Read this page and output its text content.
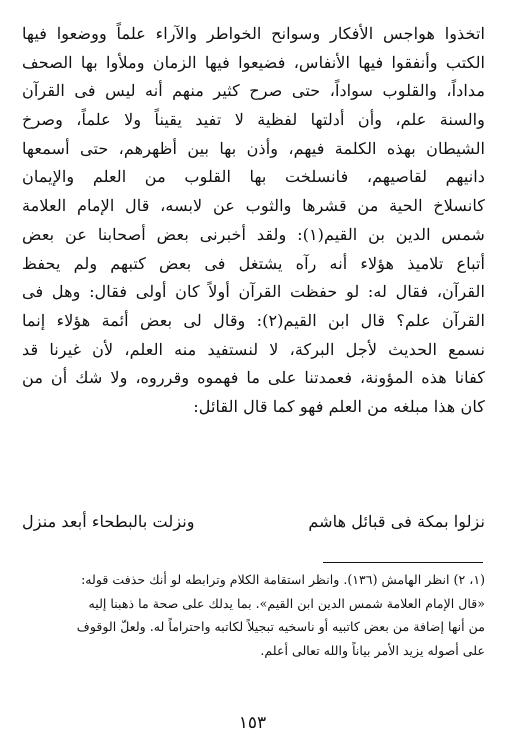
اتخذوا هواجس الأفكار وسوانح الخواطر والآراء علماً ووضعوا فيها
الكتب وأنفقوا فيها الأنفاس، فضيعوا فيها الزمان وملأوا بها الصحف
مداداً، والقلوب سواداً، حتى صرح كثير منهم أنه ليس فى القرآن
والسنة علم، وأن أدلتها لفظية لا تفيد يقيناً ولا علماً، وصرخ
الشيطان بهذه الكلمة فيهم، وأذن بها بين أظهرهم، حتى أسمعها
دانيهم لقاصيهم، فانسلخت بها القلوب من العلم والإيمان
كانسلاخ الحية من قشرها والثوب عن لابسه، قال الإمام العلامة
شمس الدين بن القيم(١): ولقد أخبرنى بعض أصحابنا عن بعض
أتباع تلاميذ هؤلاء أنه رآه يشتغل فى بعض كتبهم ولم يحفظ
القرآن، فقال له: لو حفظت القرآن أولاً كان أولى فقال: وهل فى
القرآن علم؟ قال ابن القيم(٢): وقال لى بعض أئمة هؤلاء إنما
نسمع الحديث لأجل البركة، لا لنستفيد منه العلم، لأن غيرنا قد
كفانا هذه المؤونة، فعمدتنا على ما فهموه وقرروه، ولا شك أن من
كان هذا مبلغه من العلم فهو كما قال القائل:
نزلوا بمكة فى قبائل هاشم
ونزلت بالبطحاء أبعد منزل
(١، ٢) انظر الهامش (١٣٦). وانظر استقامة الكلام وترابطه لو أنك حذفت قوله:
«قال الإمام العلامة شمس الدين ابن القيم». بما يدلك على صحة ما ذهبنا إليه
من أنها إضافة من بعض كاتبيه أو ناسخيه تبجيلاً لكاتبه واحتراماً له. ولعلّ الوقوف
على أصوله يزيد الأمر بياناً والله تعالى أعلم.
١٥٣
